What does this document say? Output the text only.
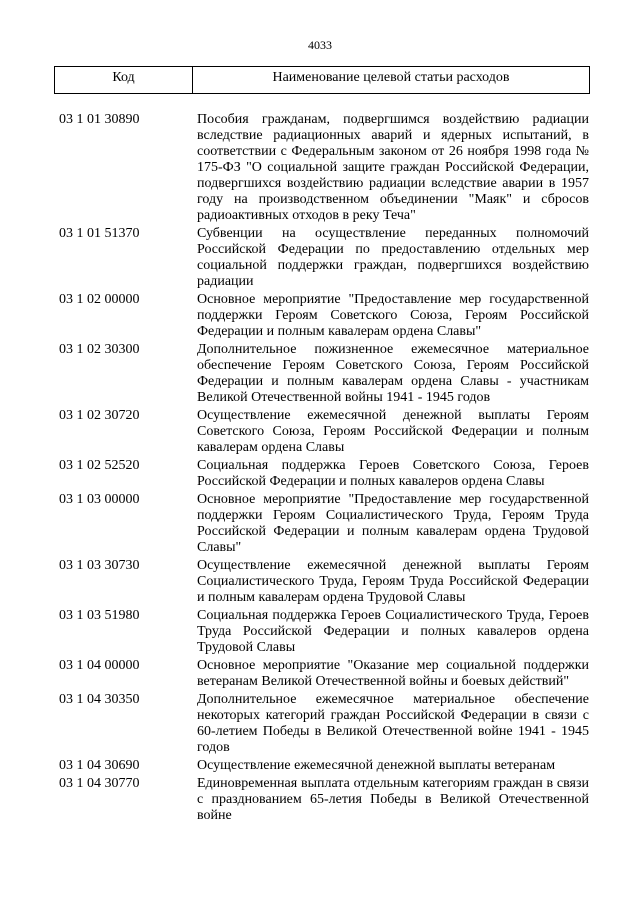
4033
Код	Наименование целевой статьи расходов
03 1 01 30890	Пособия гражданам, подвергшимся воздействию радиации вследствие радиационных аварий и ядерных испытаний, в соответствии с Федеральным законом от 26 ноября 1998 года № 175-ФЗ "О социальной защите граждан Российской Федерации, подвергшихся воздействию радиации вследствие аварии в 1957 году на производственном объединении "Маяк" и сбросов радиоактивных отходов в реку Теча"
03 1 01 51370	Субвенции на осуществление переданных полномочий Российской Федерации по предоставлению отдельных мер социальной поддержки граждан, подвергшихся воздействию радиации
03 1 02 00000	Основное мероприятие "Предоставление мер государственной поддержки Героям Советского Союза, Героям Российской Федерации и полным кавалерам ордена Славы"
03 1 02 30300	Дополнительное пожизненное ежемесячное материальное обеспечение Героям Советского Союза, Героям Российской Федерации и полным кавалерам ордена Славы - участникам Великой Отечественной войны 1941 - 1945 годов
03 1 02 30720	Осуществление ежемесячной денежной выплаты Героям Советского Союза, Героям Российской Федерации и полным кавалерам ордена Славы
03 1 02 52520	Социальная поддержка Героев Советского Союза, Героев Российской Федерации и полных кавалеров ордена Славы
03 1 03 00000	Основное мероприятие "Предоставление мер государственной поддержки Героям Социалистического Труда, Героям Труда Российской Федерации и полным кавалерам ордена Трудовой Славы"
03 1 03 30730	Осуществление ежемесячной денежной выплаты Героям Социалистического Труда, Героям Труда Российской Федерации и полным кавалерам ордена Трудовой Славы
03 1 03 51980	Социальная поддержка Героев Социалистического Труда, Героев Труда Российской Федерации и полных кавалеров ордена Трудовой Славы
03 1 04 00000	Основное мероприятие "Оказание мер социальной поддержки ветеранам Великой Отечественной войны и боевых действий"
03 1 04 30350	Дополнительное ежемесячное материальное обеспечение некоторых категорий граждан Российской Федерации в связи с 60-летием Победы в Великой Отечественной войне 1941 - 1945 годов
03 1 04 30690	Осуществление ежемесячной денежной выплаты ветеранам
03 1 04 30770	Единовременная выплата отдельным категориям граждан в связи с празднованием 65-летия Победы в Великой Отечественной войне
